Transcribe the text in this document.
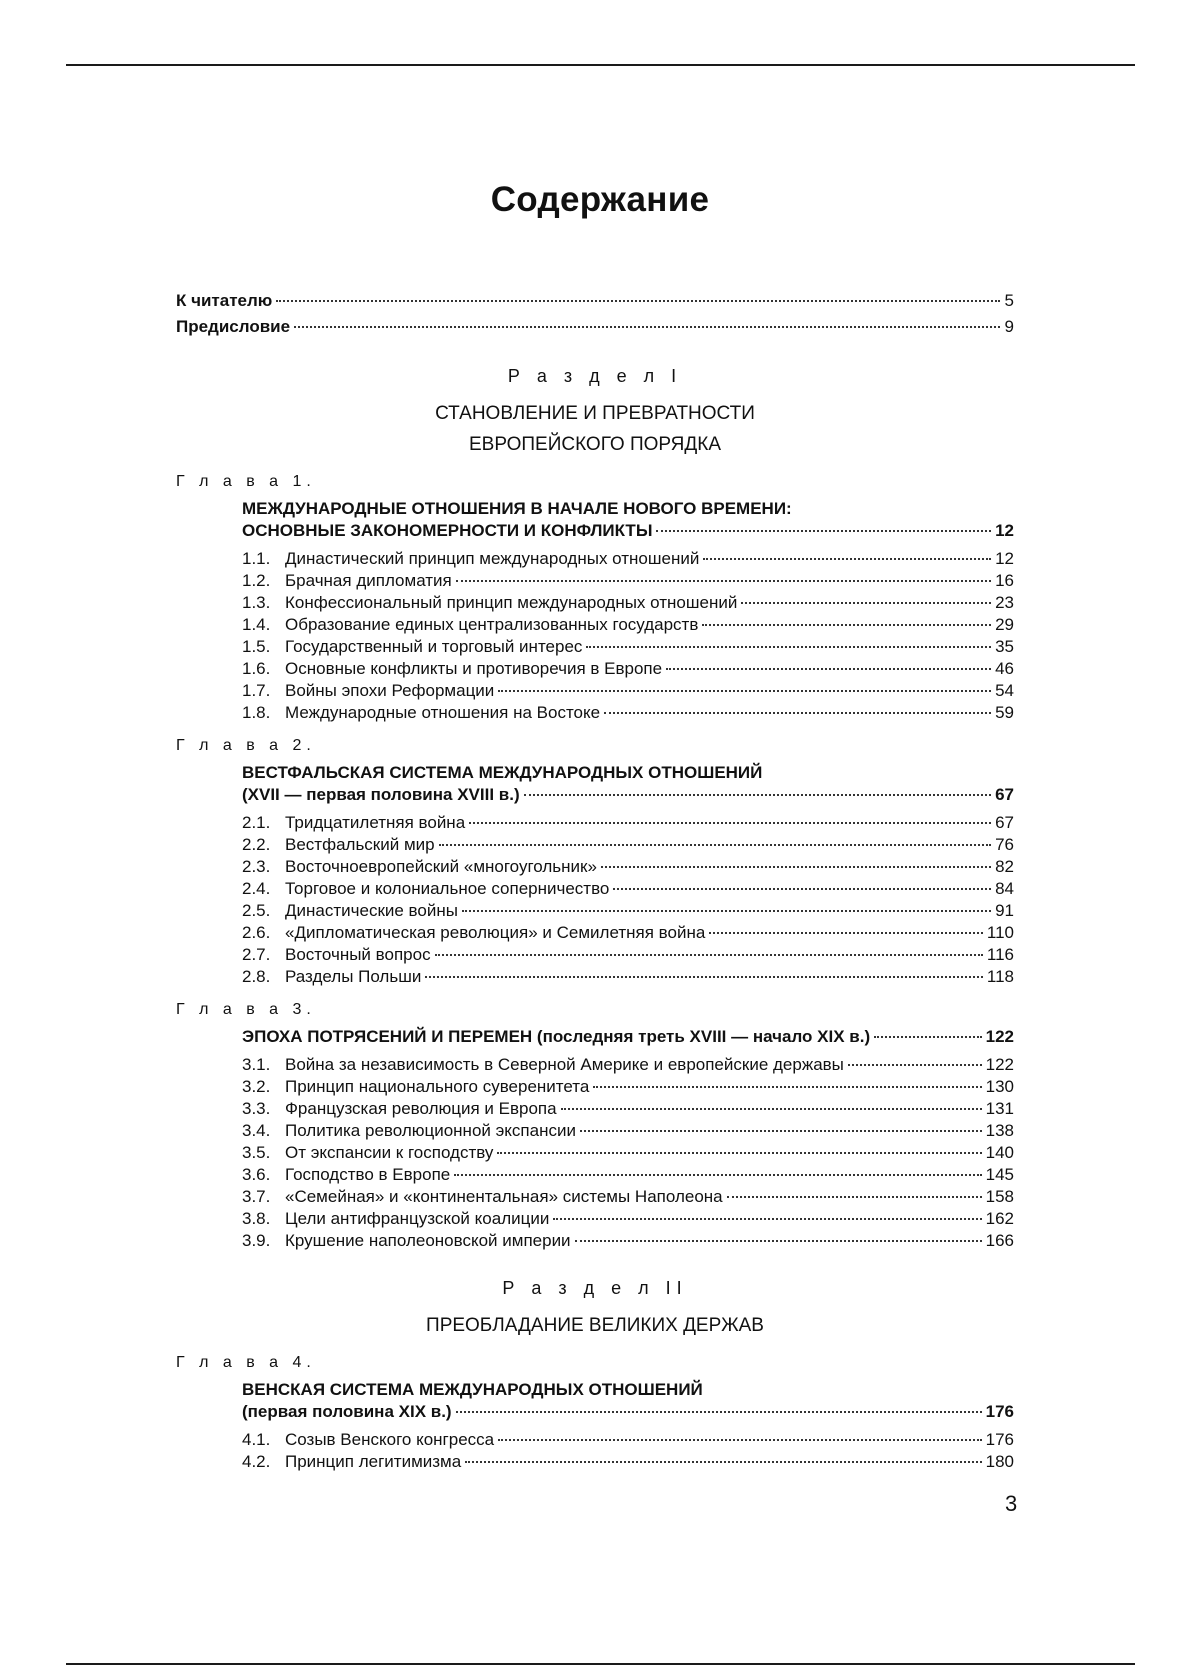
Содержание
К читателю	5
Предисловие	9
Р а з д е л I
СТАНОВЛЕНИЕ И ПРЕВРАТНОСТИ
ЕВРОПЕЙСКОГО ПОРЯДКА
Г л а в а 1.
МЕЖДУНАРОДНЫЕ ОТНОШЕНИЯ В НАЧАЛЕ НОВОГО ВРЕМЕНИ:
ОСНОВНЫЕ ЗАКОНОМЕРНОСТИ И КОНФЛИКТЫ	12
1.1. Династический принцип международных отношений	12
1.2. Брачная дипломатия	16
1.3. Конфессиональный принцип международных отношений	23
1.4. Образование единых централизованных государств	29
1.5. Государственный и торговый интерес	35
1.6. Основные конфликты и противоречия в Европе	46
1.7. Войны эпохи Реформации	54
1.8. Международные отношения на Востоке	59
Г л а в а 2.
ВЕСТФАЛЬСКАЯ СИСТЕМА МЕЖДУНАРОДНЫХ ОТНОШЕНИЙ
(XVII — первая половина XVIII в.)	67
2.1. Тридцатилетняя война	67
2.2. Вестфальский мир	76
2.3. Восточноевропейский «многоугольник»	82
2.4. Торговое и колониальное соперничество	84
2.5. Династические войны	91
2.6. «Дипломатическая революция» и Семилетняя война	110
2.7. Восточный вопрос	116
2.8. Разделы Польши	118
Г л а в а 3.
ЭПОХА ПОТРЯСЕНИЙ И ПЕРЕМЕН (последняя треть XVIII — начало XIX в.)	122
3.1. Война за независимость в Северной Америке и европейские державы	122
3.2. Принцип национального суверенитета	130
3.3. Французская революция и Европа	131
3.4. Политика революционной экспансии	138
3.5. От экспансии к господству	140
3.6. Господство в Европе	145
3.7. «Семейная» и «континентальная» системы Наполеона	158
3.8. Цели антифранцузской коалиции	162
3.9. Крушение наполеоновской империи	166
Р а з д е л II
ПРЕОБЛАДАНИЕ ВЕЛИКИХ ДЕРЖАВ
Г л а в а 4.
ВЕНСКАЯ СИСТЕМА МЕЖДУНАРОДНЫХ ОТНОШЕНИЙ
(первая половина XIX в.)	176
4.1. Созыв Венского конгресса	176
4.2. Принцип легитимизма	180
3
